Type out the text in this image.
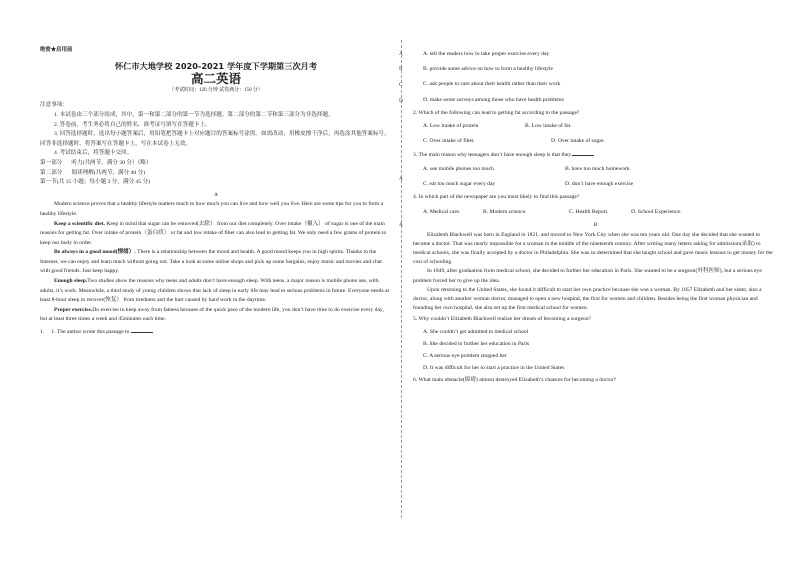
绝密★启用前
怀仁市大地学校 2020-2021 学年度下学期第三次月考
高二英语
（考试时间：120 分钟 试卷满分：150 分）

注意事项：

1. 本试卷由三个部分组成，其中，第一和第二部分的第一节为选择题。第二部分的第二节和第三部分为非选择题。

2. 答卷前，考生务必将自己的姓名、准考证号填写在答题卡上。

3. 回答选择题时，选出每小题答案后，用铅笔把答题卡上对应题目的答案标号涂黑。如需改动，用橡皮擦干净后，再选涂其他答案标号。回答非选择题时，将答案写在答题卡上，写在本试卷上无效。

4. 考试结束后，将答题卡交回。

第一部分 听力(共两节，满分 30 分）（略）

第二部分 阅读理解(共两节，满分 40 分)

第一节(共 15 小题；每小题 3 分，满分 45 分)

A

Modern science proves that a healthy lifestyle matters much to how much you can live and how well you live. Here are some tips for you to form a healthy lifestyle.

Keep a scientific diet. Keep in mind that sugar can be removed(去除） from our diet completely. Over intake（摄入） of sugar is one of the main reasons for getting fat. Over intake of protein（蛋白质） or fat and low intake of fiber can also lead to getting fat. We only need a few grams of protein to keep our body in order.

Be always in a good mood(情绪）. There is a relationship between the mood and health. A good mood keeps you in high spirits. Thanks to the Internet, we can enjoy and learn much without going out. Take a look at some online shops and pick up some bargains, enjoy music and movies and chat with good friends. Just keep happy.

Enough sleep.Two studies show the reasons why teens and adults don’t have enough sleep. With teens, a major reason is mobile phone use, with adults, it’s work. Meanwhile, a third study of young children shows that lack of sleep in early life may lead to serious problems in future. Everyone needs at least 8-hour sleep to recover(恢复） from tiredness and the hurt caused by hard work in the daytime.

Proper exercise.Do exercise to keep away from fatness because of the quick pace of the modern life, you don’t have time to do exercise every day, but at least three times a week and 45minutes each time.

1. 1. The author wrote this passage to

A
B
C
D
A
A

A. tell the readers how to take proper exercise every day

B. provide some advice on how to form a healthy lifestyle

C. ask people to care about their health rather than their work

D. make some surveys among those who have health problems

2. Which of the following can lead to getting fat according to the passage?

A. Low intake of protein	B. Low intake of fat.
C. Over intake of fiber.	D. Over intake of sugar.

3. The main reason why teenagers don’t have enough sleep is that they

A. use mobile phones too much	B. have too much homework
C. eat too much sugar every day	D. don’t have enough exercise

4. In which part of the newspaper are you most likely to find this passage?

A. Medical care.	B. Modern science.	C. Health Report.	D. School Experience.

B

Elizabeth Blackwell was born in England in 1821, and moved to New York City when she was ten years old. One day she decided that she wanted to become a doctor. That was nearly impossible for a woman in the middle of the nineteenth century. After writing many letters asking for admission(录取) to medical schools, she was finally accepted by a doctor in Philadelphia. She was so determined that she taught school and gave music lessons to get money for the cost of schooling.

In 1849, after graduation from medical school, she decided to further her education in Paris. She wanted to be a surgeon(外科医师), but a serious eye problem forced her to give up the idea.

Upon returning to the United States, she found it difficult to start her own practice because she was a woman. By 1857 Elizabeth and her sister, also a doctor, along with another woman doctor, managed to open a new hospital, the first for women and children. Besides being the first woman physician and founding her own hospital, she also set up the first medical school for women.

5. Why couldn’t Elizabeth Blackwell realize her dream of becoming a surgeon?

A. She couldn’t get admitted to medical school

B. She decided to further her education in Paris

C. A serious eye problem stopped her

D. It was difficult for her to start a practice in the United States

6. What main obstacle(障碍) almost destroyed Elizabeth’s chances for becoming a doctor?
